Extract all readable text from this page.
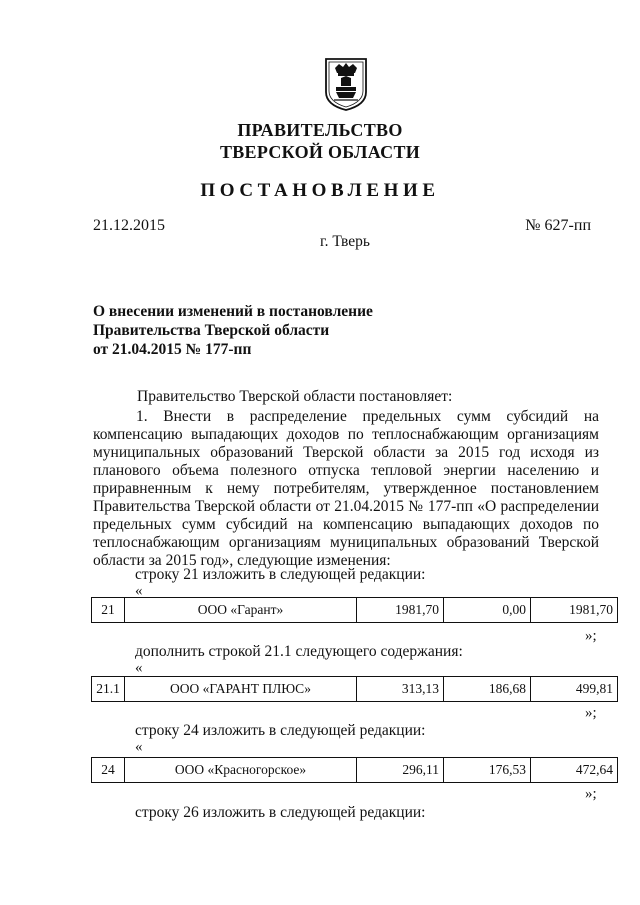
ПРАВИТЕЛЬСТВО
ТВЕРСКОЙ ОБЛАСТИ
ПОСТАНОВЛЕНИЕ
21.12.2015	№ 627-пп
г. Тверь
О внесении изменений в постановление
Правительства Тверской области
от 21.04.2015 № 177-пп
Правительство Тверской области постановляет:
1. Внести в распределение предельных сумм субсидий на
компенсацию выпадающих доходов по теплоснабжающим организациям
муниципальных образований Тверской области за 2015 год исходя из
планового объема полезного отпуска тепловой энергии населению и
приравненным к нему потребителям, утвержденное постановлением
Правительства Тверской области от 21.04.2015 № 177-пп «О распределении
предельных сумм субсидий на компенсацию выпадающих доходов по
теплоснабжающим организациям муниципальных образований Тверской
области за 2015 год», следующие изменения:
строку 21 изложить в следующей редакции:
«
21	ООО «Гарант»	1981,70	0,00	1981,70
»;
дополнить строкой 21.1 следующего содержания:
«
21.1	ООО «ГАРАНТ ПЛЮС»	313,13	186,68	499,81
»;
строку 24 изложить в следующей редакции:
«
24	ООО «Красногорское»	296,11	176,53	472,64
»;
строку 26 изложить в следующей редакции:
